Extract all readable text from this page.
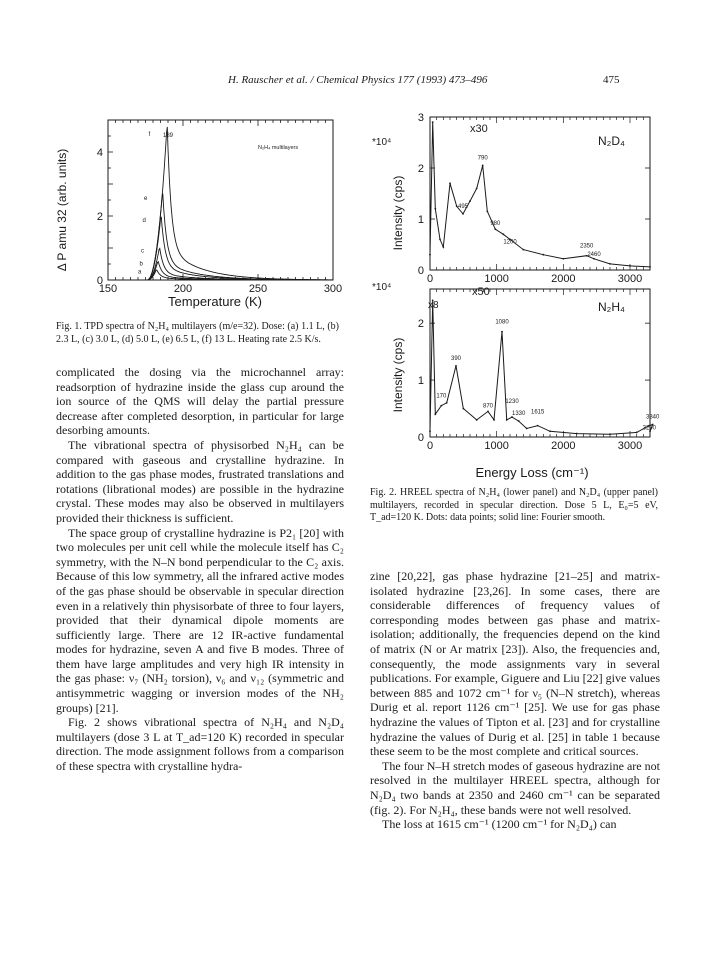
H. Rauscher et al. / Chemical Physics 177 (1993) 473–496	475
150	200	250	300
0
2
4
a
b
c
d
e
f
Δ P amu 32 (arb. units)
Temperature (K)
N₂H₄ multilayers
189
Fig. 1. TPD spectra of N₂H₄ multilayers (m/e=32). Dose: (a) 1.1 L, (b) 2.3 L, (c) 3.0 L, (d) 5.0 L, (e) 6.5 L, (f) 13 L. Heating rate 2.5 K/s.
0	1000	2000	3000
0
1
2
3
0	1000	2000	3000
0
1
2
790
495
980
1200
2350
2460
1080
390
170
870
1230
1330 1615
3340
3290
Intensity (cps)
Intensity (cps)
*10⁴
*10⁴
x30
x50
x8
N₂D₄
N₂H₄
Energy Loss (cm⁻¹)
Fig. 2. HREEL spectra of N₂H₄ (lower panel) and N₂D₄ (upper panel) multilayers, recorded in specular direction. Dose 5 L, E₀=5 eV, T_ad=120 K. Dots: data points; solid line: Fourier smooth.

complicated the dosing via the microchannel array: readsorption of hydrazine inside the glass cup around the ion source of the QMS will delay the partial pressure decrease after completed desorption, in particular for large desorbing amounts.

The vibrational spectra of physisorbed N₂H₄ can be compared with gaseous and crystalline hydrazine. In addition to the gas phase modes, frustrated translations and rotations (librational modes) are possible in the hydrazine crystal. These modes may also be observed in multilayers provided their thickness is sufficient.

The space group of crystalline hydrazine is P2₁ [20] with two molecules per unit cell while the molecule itself has C₂ symmetry, with the N–N bond perpendicular to the C₂ axis. Because of this low symmetry, all the infrared active modes of the gas phase should be observable in specular direction even in a relatively thin physisorbate of three to four layers, provided that their dynamical dipole moments are sufficiently large. There are 12 IR-active fundamental modes for hydrazine, seven A and five B modes. Three of them have large amplitudes and very high IR intensity in the gas phase: ν₇ (NH₂ torsion), ν₆ and ν₁₂ (symmetric and antisymmetric wagging or inversion modes of the NH₂ groups) [21].

Fig. 2 shows vibrational spectra of N₂H₄ and N₂D₄ multilayers (dose 3 L at T_ad=120 K) recorded in specular direction. The mode assignment follows from a comparison of these spectra with crystalline hydra-

zine [20,22], gas phase hydrazine [21–25] and matrix-isolated hydrazine [23,26]. In some cases, there are considerable differences of frequency values of corresponding modes between gas phase and matrix-isolation; additionally, the frequencies depend on the kind of matrix (N or Ar matrix [23]). Also, the frequencies and, consequently, the mode assignments vary in several publications. For example, Giguere and Liu [22] give values between 885 and 1072 cm⁻¹ for ν₅ (N–N stretch), whereas Durig et al. report 1126 cm⁻¹ [25]. We use for gas phase hydrazine the values of Tipton et al. [23] and for crystalline hydrazine the values of Durig et al. [25] in table 1 because these seem to be the most complete and critical sources.

The four N–H stretch modes of gaseous hydrazine are not resolved in the multilayer HREEL spectra, although for N₂D₄ two bands at 2350 and 2460 cm⁻¹ can be separated (fig. 2). For N₂H₄, these bands were not well resolved.

The loss at 1615 cm⁻¹ (1200 cm⁻¹ for N₂D₄) can
